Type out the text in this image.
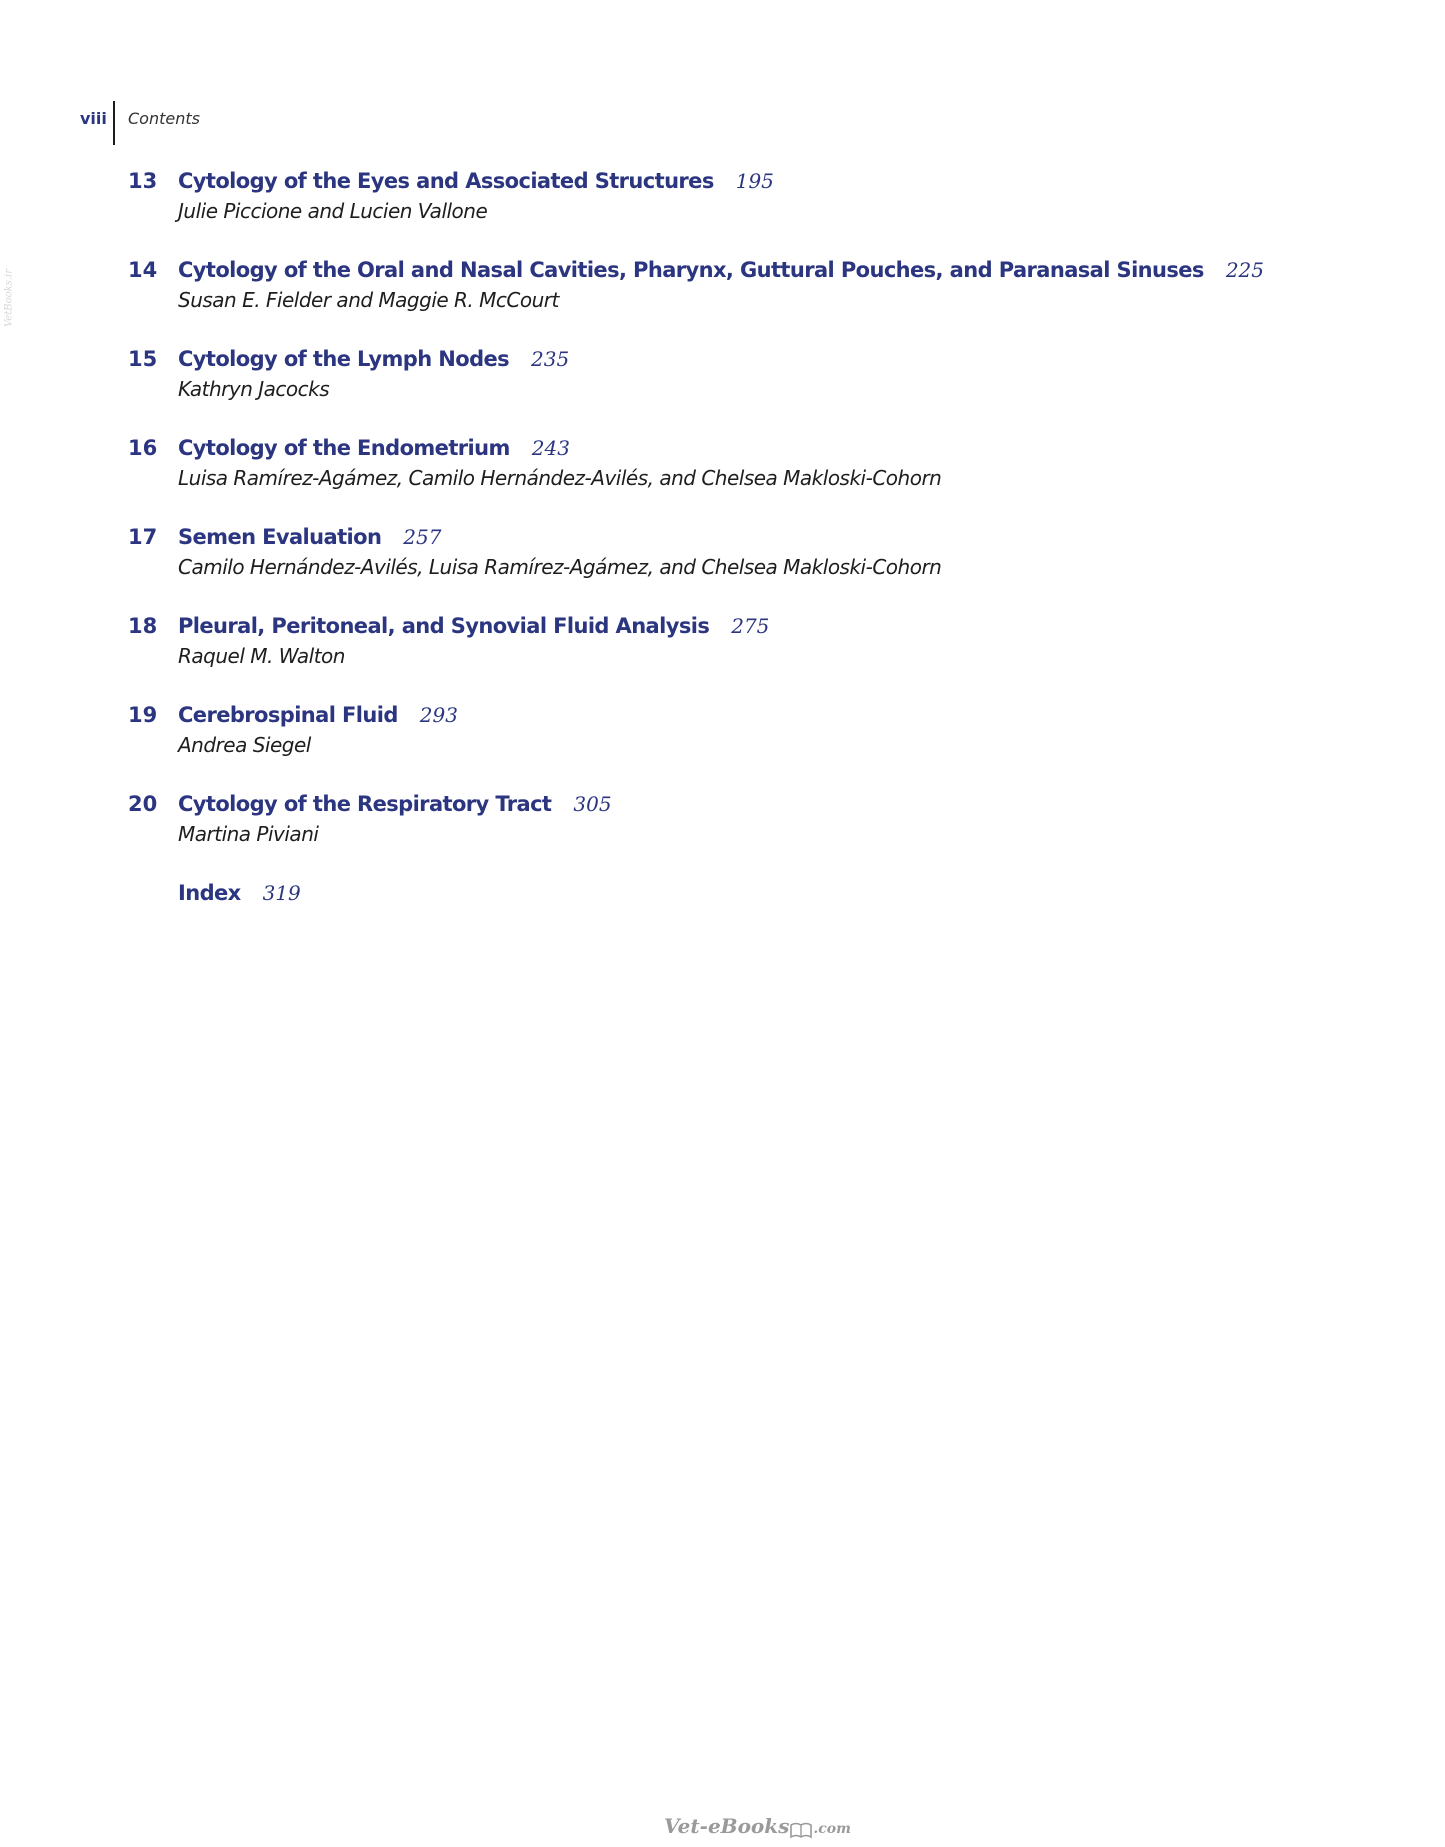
viii Contents
VetBooks.ir
13 Cytology of the Eyes and Associated Structures 195
Julie Piccione and Lucien Vallone
14 Cytology of the Oral and Nasal Cavities, Pharynx, Guttural Pouches, and Paranasal Sinuses 225
Susan E. Fielder and Maggie R. McCourt
15 Cytology of the Lymph Nodes 235
Kathryn Jacocks
16 Cytology of the Endometrium 243
Luisa Ramírez-Agámez, Camilo Hernández-Avilés, and Chelsea Makloski-Cohorn
17 Semen Evaluation 257
Camilo Hernández-Avilés, Luisa Ramírez-Agámez, and Chelsea Makloski-Cohorn
18 Pleural, Peritoneal, and Synovial Fluid Analysis 275
Raquel M. Walton
19 Cerebrospinal Fluid 293
Andrea Siegel
20 Cytology of the Respiratory Tract 305
Martina Piviani
Index 319
Vet-eBooks .com
